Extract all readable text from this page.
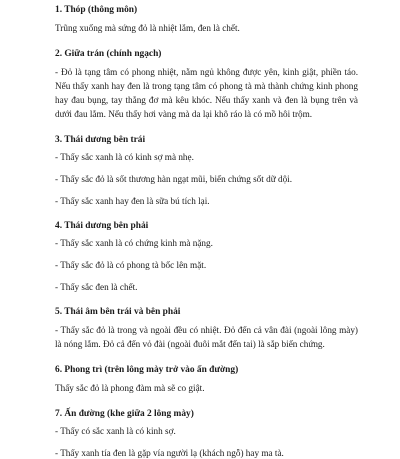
1. Thóp (thông môn)

Trũng xuống mà sứng đỏ là nhiệt lắm, đen là chết.

2. Giữa trán (chính ngạch)

- Đỏ là tạng tâm có phong nhiệt, nằm ngủ không được yên, kinh giật, phiền táo. Nếu thấy xanh hay đen là trong tạng tâm có phong tà mà thành chứng kinh phong hay đau bụng, tay thẳng đơ mà kêu khóc. Nếu thấy xanh và đen là bụng trên và dưới đau lắm. Nếu thấy hơi vàng mà da lại khô ráo là có mồ hôi trộm.

3. Thái dương bên trái

- Thấy sắc xanh là có kinh sợ mà nhẹ.

- Thấy sắc đỏ là sốt thương hàn ngạt mũi, biến chứng sốt dữ dội.

- Thấy sắc xanh hay đen là sữa bú tích lại.

4. Thái dương bên phải

- Thấy sắc xanh là có chứng kinh mà nặng.

- Thấy sắc đỏ là có phong tà bốc lên mặt.

- Thấy sắc đen là chết.

5. Thái âm bên trái và bên phải

- Thấy sắc đỏ là trong và ngoài đều có nhiệt. Đỏ đến cả vân đài (ngoài lông mày) là nóng lắm. Đỏ cả đến vỏ đài (ngoài đuôi mắt đến tai) là sắp biến chứng.

6. Phong trì (trên lông mày trở vào ấn đường)

Thấy sắc đỏ là phong đàm mà sẽ co giật.

7. Ấn đường (khe giữa 2 lông mày)

- Thấy có sắc xanh là có kinh sợ.

- Thấy xanh tía đen là gặp vía người lạ (khách ngỗ) hay ma tà.
